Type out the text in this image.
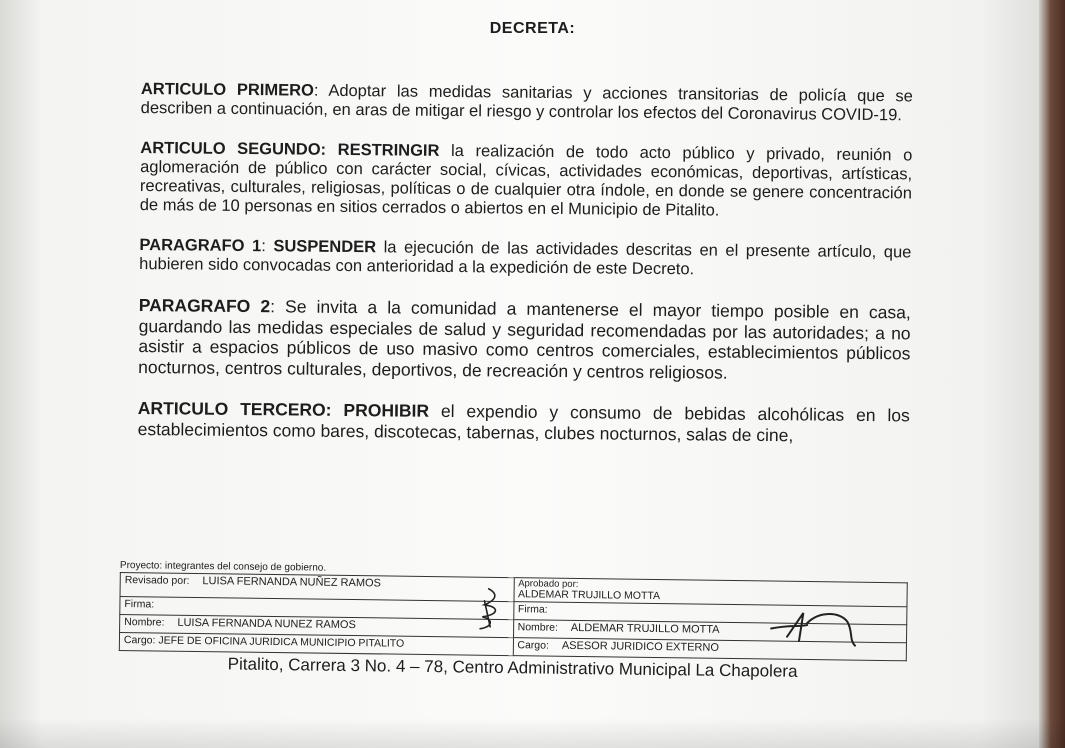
DECRETA:

ARTICULO PRIMERO: Adoptar las medidas sanitarias y acciones transitorias de policía que se describen a continuación, en aras de mitigar el riesgo y controlar los efectos del Coronavirus COVID-19.

ARTICULO SEGUNDO: RESTRINGIR la realización de todo acto público y privado, reunión o aglomeración de público con carácter social, cívicas, actividades económicas, deportivas, artísticas, recreativas, culturales, religiosas, políticas o de cualquier otra índole, en donde se genere concentración de más de 10 personas en sitios cerrados o abiertos en el Municipio de Pitalito.

PARAGRAFO 1: SUSPENDER la ejecución de las actividades descritas en el presente artículo, que hubieren sido convocadas con anterioridad a la expedición de este Decreto.

PARAGRAFO 2: Se invita a la comunidad a mantenerse el mayor tiempo posible en casa, guardando las medidas especiales de salud y seguridad recomendadas por las autoridades; a no asistir a espacios públicos de uso masivo como centros comerciales, establecimientos públicos nocturnos, centros culturales, deportivos, de recreación y centros religiosos.

ARTICULO TERCERO: PROHIBIR el expendio y consumo de bebidas alcohólicas en los establecimientos como bares, discotecas, tabernas, clubes nocturnos, salas de cine,

Proyecto: integrantes del consejo de gobierno.
Revisado por: LUISA FERNANDA NUÑEZ RAMOS	Aprobado por:
ALDEMAR TRUJILLO MOTTA

Firma:	Firma:
Nombre: LUISA FERNANDA NUNEZ RAMOS	Nombre: ALDEMAR TRUJILLO MOTTA
Cargo: JEFE DE OFICINA JURIDICA MUNICIPIO PITALITO	Cargo: ASESOR JURIDICO EXTERNO
Pitalito, Carrera 3 No. 4 – 78, Centro Administrativo Municipal La Chapolera
